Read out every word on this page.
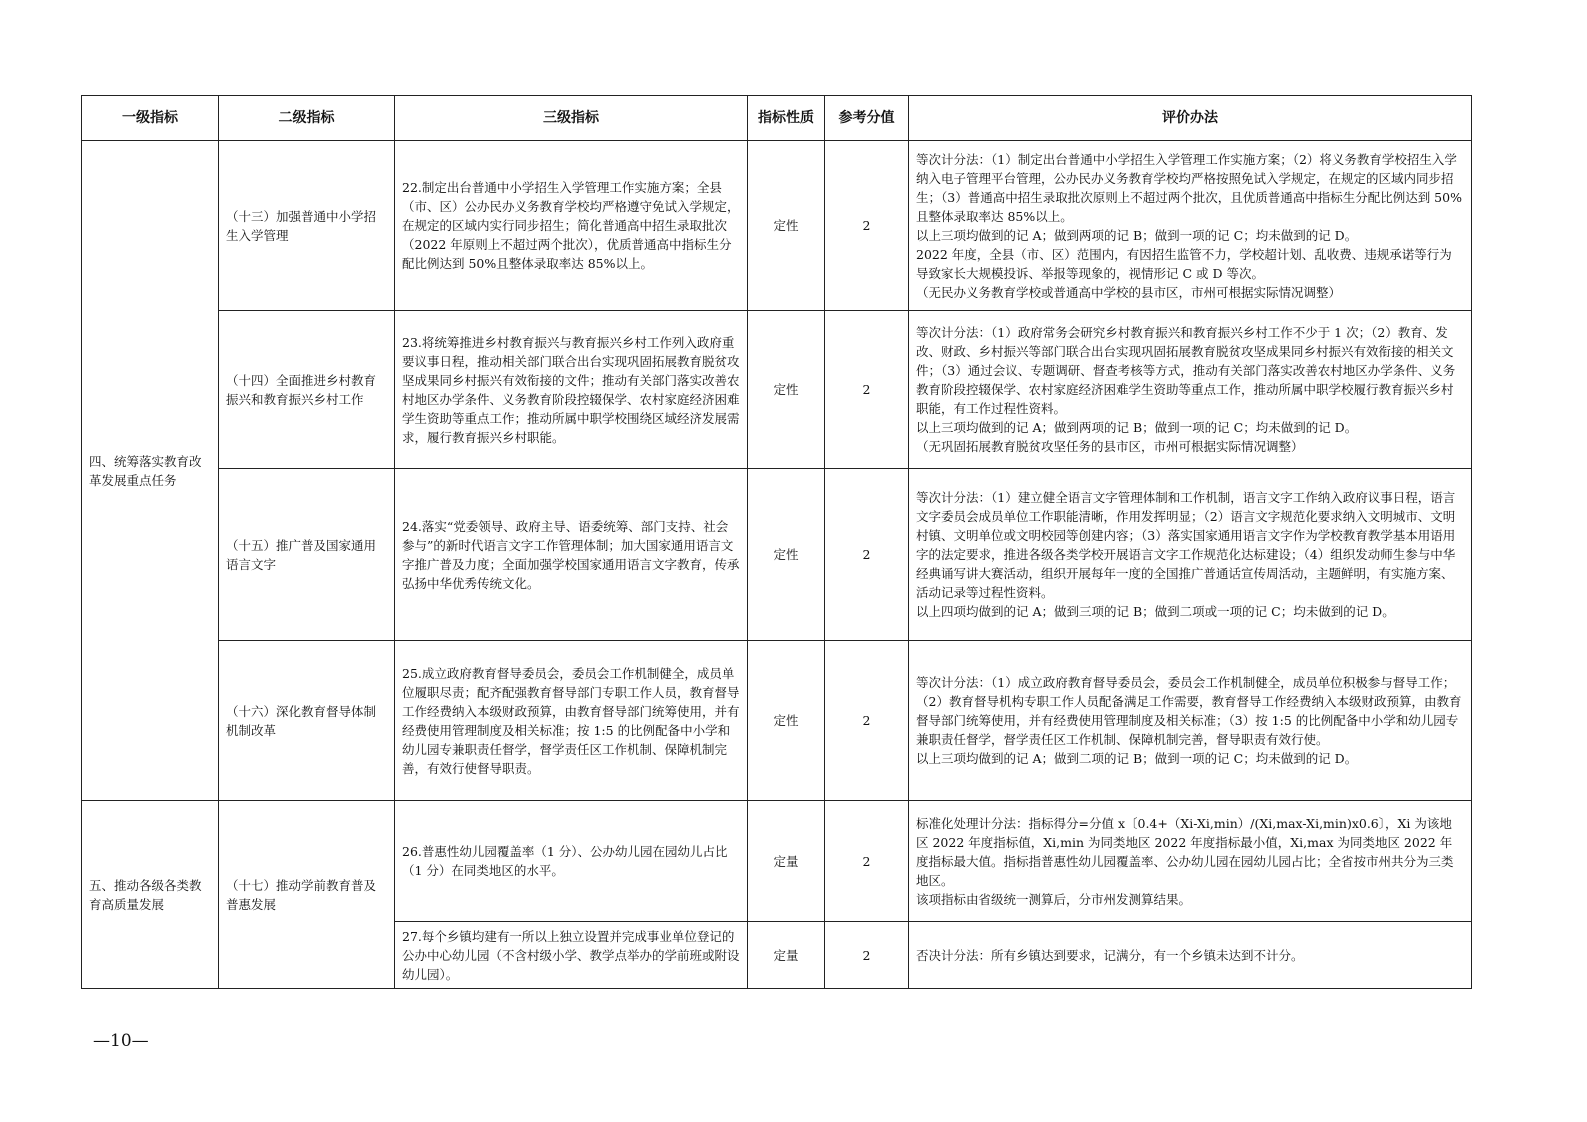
一级指标	二级指标	三级指标	指标性质	参考分值	评价办法
四、统筹落实教育改革发展重点任务	（十三）加强普通中小学招生入学管理	22.制定出台普通中小学招生入学管理工作实施方案；全县（市、区）公办民办义务教育学校均严格遵守免试入学规定，在规定的区域内实行同步招生；简化普通高中招生录取批次（2022 年原则上不超过两个批次），优质普通高中指标生分配比例达到 50%且整体录取率达 85%以上。	定性	2	等次计分法：（1）制定出台普通中小学招生入学管理工作实施方案；（2）将义务教育学校招生入学纳入电子管理平台管理，公办民办义务教育学校均严格按照免试入学规定，在规定的区域内同步招生；（3）普通高中招生录取批次原则上不超过两个批次，且优质普通高中指标生分配比例达到 50%且整体录取率达 85%以上。
以上三项均做到的记 A；做到两项的记 B；做到一项的记 C；均未做到的记 D。
2022 年度，全县（市、区）范围内，有因招生监管不力，学校超计划、乱收费、违规承诺等行为导致家长大规模投诉、举报等现象的，视情形记 C 或 D 等次。
（无民办义务教育学校或普通高中学校的县市区，市州可根据实际情况调整）

	（十四）全面推进乡村教育振兴和教育振兴乡村工作	23.将统筹推进乡村教育振兴与教育振兴乡村工作列入政府重要议事日程，推动相关部门联合出台实现巩固拓展教育脱贫攻坚成果同乡村振兴有效衔接的文件；推动有关部门落实改善农村地区办学条件、义务教育阶段控辍保学、农村家庭经济困难学生资助等重点工作；推动所属中职学校围绕区域经济发展需求，履行教育振兴乡村职能。	定性	2	等次计分法：（1）政府常务会研究乡村教育振兴和教育振兴乡村工作不少于 1 次；（2）教育、发改、财政、乡村振兴等部门联合出台实现巩固拓展教育脱贫攻坚成果同乡村振兴有效衔接的相关文件；（3）通过会议、专题调研、督查考核等方式，推动有关部门落实改善农村地区办学条件、义务教育阶段控辍保学、农村家庭经济困难学生资助等重点工作，推动所属中职学校履行教育振兴乡村职能，有工作过程性资料。
以上三项均做到的记 A；做到两项的记 B；做到一项的记 C；均未做到的记 D。
（无巩固拓展教育脱贫攻坚任务的县市区，市州可根据实际情况调整）

	（十五）推广普及国家通用语言文字	24.落实“党委领导、政府主导、语委统筹、部门支持、社会参与”的新时代语言文字工作管理体制；加大国家通用语言文字推广普及力度；全面加强学校国家通用语言文字教育，传承弘扬中华优秀传统文化。	定性	2	等次计分法：（1）建立健全语言文字管理体制和工作机制，语言文字工作纳入政府议事日程，语言文字委员会成员单位工作职能清晰，作用发挥明显；（2）语言文字规范化要求纳入文明城市、文明村镇、文明单位或文明校园等创建内容；（3）落实国家通用语言文字作为学校教育教学基本用语用字的法定要求，推进各级各类学校开展语言文字工作规范化达标建设；（4）组织发动师生参与中华经典诵写讲大赛活动，组织开展每年一度的全国推广普通话宣传周活动，主题鲜明，有实施方案、活动记录等过程性资料。
以上四项均做到的记 A；做到三项的记 B；做到二项或一项的记 C；均未做到的记 D。

	（十六）深化教育督导体制机制改革	25.成立政府教育督导委员会，委员会工作机制健全，成员单位履职尽责；配齐配强教育督导部门专职工作人员，教育督导工作经费纳入本级财政预算，由教育督导部门统筹使用，并有经费使用管理制度及相关标准；按 1:5 的比例配备中小学和幼儿园专兼职责任督学，督学责任区工作机制、保障机制完善，有效行使督导职责。	定性	2	等次计分法：（1）成立政府教育督导委员会，委员会工作机制健全，成员单位积极参与督导工作；（2）教育督导机构专职工作人员配备满足工作需要，教育督导工作经费纳入本级财政预算，由教育督导部门统筹使用，并有经费使用管理制度及相关标准；（3）按 1:5 的比例配备中小学和幼儿园专兼职责任督学，督学责任区工作机制、保障机制完善，督导职责有效行使。
以上三项均做到的记 A；做到二项的记 B；做到一项的记 C；均未做到的记 D。

五、推动各级各类教育高质量发展	（十七）推动学前教育普及普惠发展	26.普惠性幼儿园覆盖率（1 分）、公办幼儿园在园幼儿占比（1 分）在同类地区的水平。	定量	2	标准化处理计分法：指标得分=分值 x〔0.4+（Xi-Xi,min）/(Xi,max-Xi,min)x0.6〕，Xi 为该地区 2022 年度指标值，Xi,min 为同类地区 2022 年度指标最小值，Xi,max 为同类地区 2022 年度指标最大值。指标指普惠性幼儿园覆盖率、公办幼儿园在园幼儿园占比；全省按市州共分为三类地区。
该项指标由省级统一测算后，分市州发测算结果。

		27.每个乡镇均建有一所以上独立设置并完成事业单位登记的公办中心幼儿园（不含村级小学、教学点举办的学前班或附设幼儿园）。	定量	2	否决计分法：所有乡镇达到要求，记满分，有一个乡镇未达到不计分。
—10—
